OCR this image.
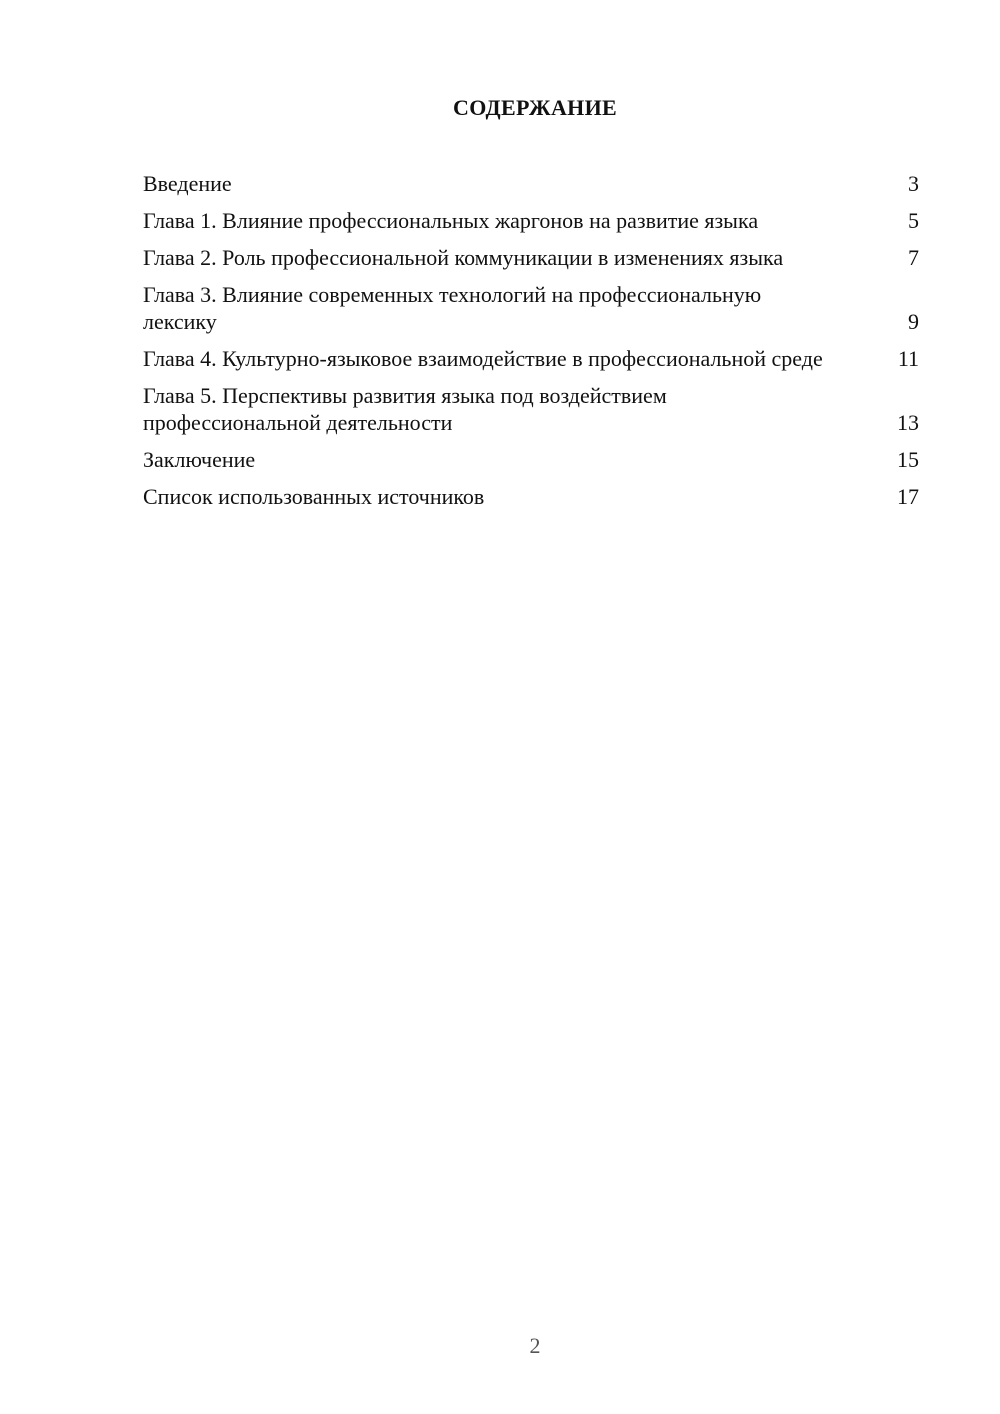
СОДЕРЖАНИЕ
Введение	3
Глава 1. Влияние профессиональных жаргонов на развитие языка	5
Глава 2. Роль профессиональной коммуникации в изменениях языка	7
Глава 3. Влияние современных технологий на профессиональную лексику	9
Глава 4. Культурно-языковое взаимодействие в профессиональной среде	11
Глава 5. Перспективы развития языка под воздействием профессиональной деятельности	13
Заключение	15
Список использованных источников	17
2
